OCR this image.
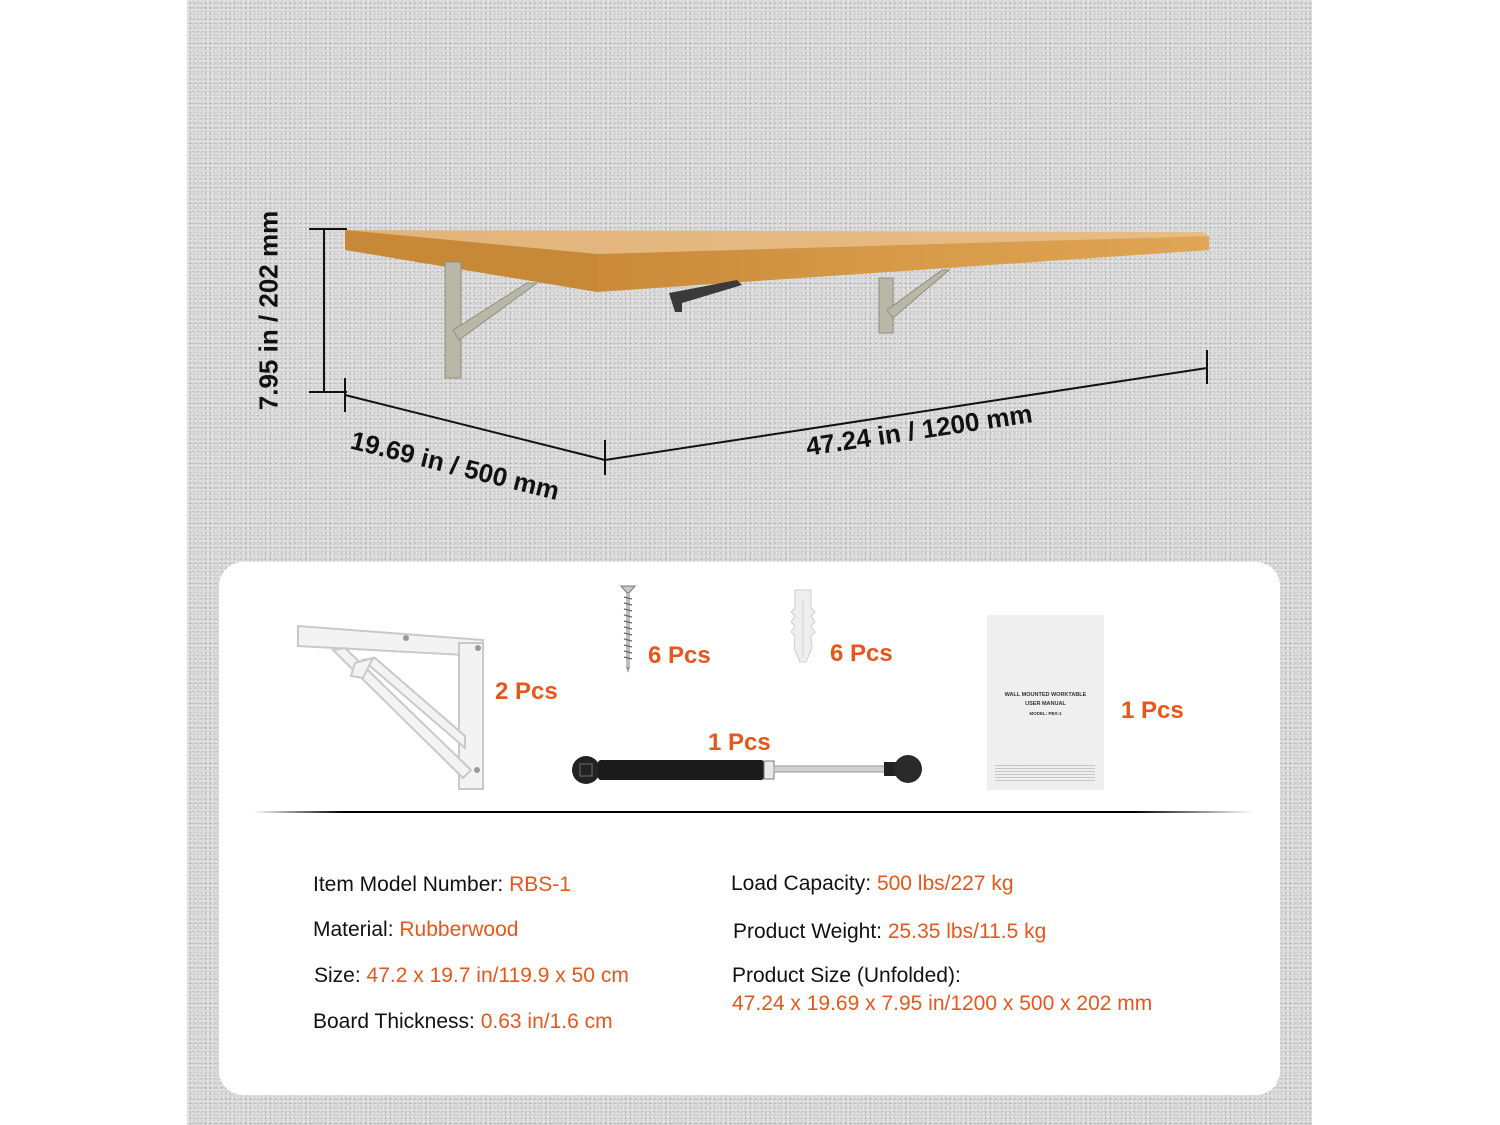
7.95 in / 202 mm
19.69 in / 500 mm	47.24 in / 1200 mm
2 Pcs
6 Pcs	6 Pcs
1 Pcs
WALL MOUNTED WORKTABLE
USER MANUAL
MODEL: PBS-1	1 Pcs
Item Model Number: RBS-1
Material: Rubberwood
Size: 47.2 x 19.7 in/119.9 x 50 cm
Board Thickness: 0.63 in/1.6 cm
Load Capacity: 500 lbs/227 kg
Product Weight: 25.35 lbs/11.5 kg
Product Size (Unfolded):
47.24 x 19.69 x 7.95 in/1200 x 500 x 202 mm
